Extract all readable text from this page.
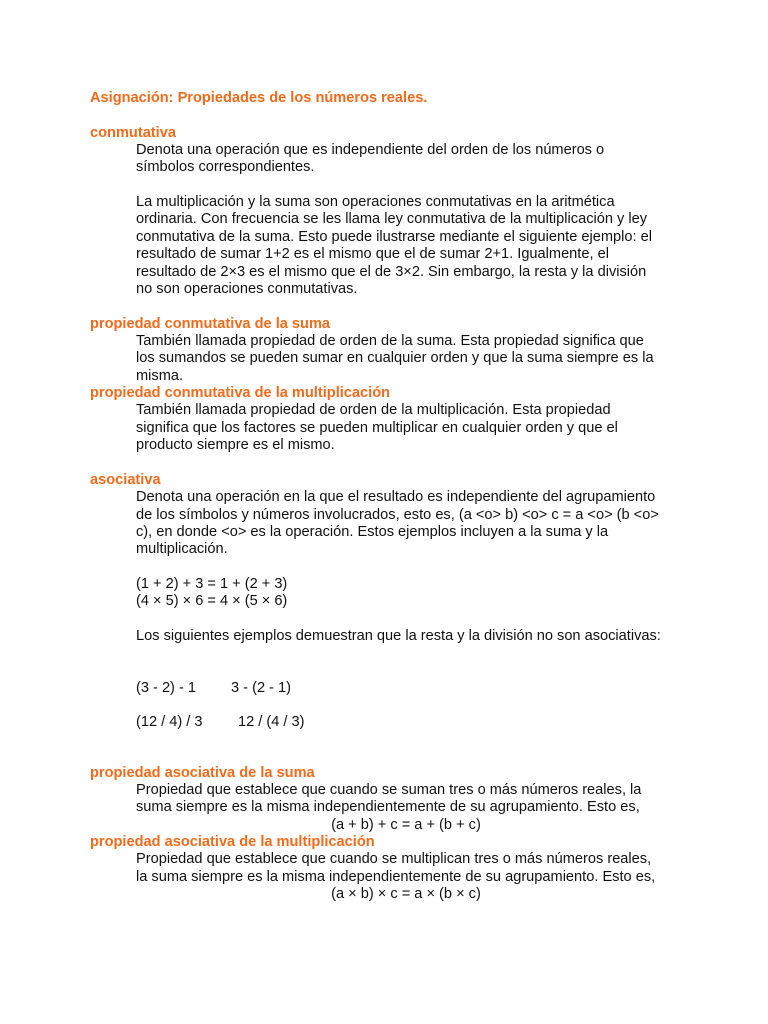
Asignación: Propiedades de los números reales.
conmutativa
Denota una operación que es independiente del orden de los números o
símbolos correspondientes.
La multiplicación y la suma son operaciones conmutativas en la aritmética
ordinaria. Con frecuencia se les llama ley conmutativa de la multiplicación y ley
conmutativa de la suma. Esto puede ilustrarse mediante el siguiente ejemplo: el
resultado de sumar 1+2 es el mismo que el de sumar 2+1. Igualmente, el
resultado de 2×3 es el mismo que el de 3×2. Sin embargo, la resta y la división
no son operaciones conmutativas.
propiedad conmutativa de la suma
También llamada propiedad de orden de la suma. Esta propiedad significa que
los sumandos se pueden sumar en cualquier orden y que la suma siempre es la
misma.
propiedad conmutativa de la multiplicación
También llamada propiedad de orden de la multiplicación. Esta propiedad
significa que los factores se pueden multiplicar en cualquier orden y que el
producto siempre es el mismo.
asociativa
Denota una operación en la que el resultado es independiente del agrupamiento
de los símbolos y números involucrados, esto es, (a <o> b) <o> c = a <o> (b <o>
c), en donde <o> es la operación. Estos ejemplos incluyen a la suma y la
multiplicación.
(1 + 2) + 3 = 1 + (2 + 3)
(4 × 5) × 6 = 4 × (5 × 6)
Los siguientes ejemplos demuestran que la resta y la división no son asociativas:
(3 - 2) - 1 3 - (2 - 1)
(12 / 4) / 3 12 / (4 / 3)
propiedad asociativa de la suma
Propiedad que establece que cuando se suman tres o más números reales, la
suma siempre es la misma independientemente de su agrupamiento. Esto es,
(a + b) + c = a + (b + c)
propiedad asociativa de la multiplicación
Propiedad que establece que cuando se multiplican tres o más números reales,
la suma siempre es la misma independientemente de su agrupamiento. Esto es,
(a × b) × c = a × (b × c)
